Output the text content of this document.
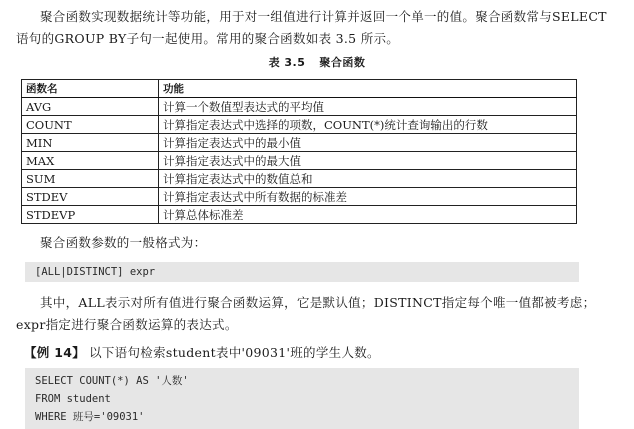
聚合函数实现数据统计等功能，用于对一组值进行计算并返回一个单一的值。聚合函数常与SELECT语句的GROUP BY子句一起使用。常用的聚合函数如表 3.5 所示。

表 3.5 聚合函数
函数名	功能
AVG	计算一个数值型表达式的平均值
COUNT	计算指定表达式中选择的项数，COUNT(*)统计查询输出的行数
MIN	计算指定表达式中的最小值
MAX	计算指定表达式中的最大值
SUM	计算指定表达式中的数值总和
STDEV	计算指定表达式中所有数据的标准差
STDEVP	计算总体标准差

聚合函数参数的一般格式为：

[ALL|DISTINCT] expr

其中，ALL表示对所有值进行聚合函数运算，它是默认值；DISTINCT指定每个唯一值都被考虑；expr指定进行聚合函数运算的表达式。

【例 14】 以下语句检索student表中'09031'班的学生人数。
SELECT COUNT(*) AS '人数'
FROM student
WHERE 班号='09031'
